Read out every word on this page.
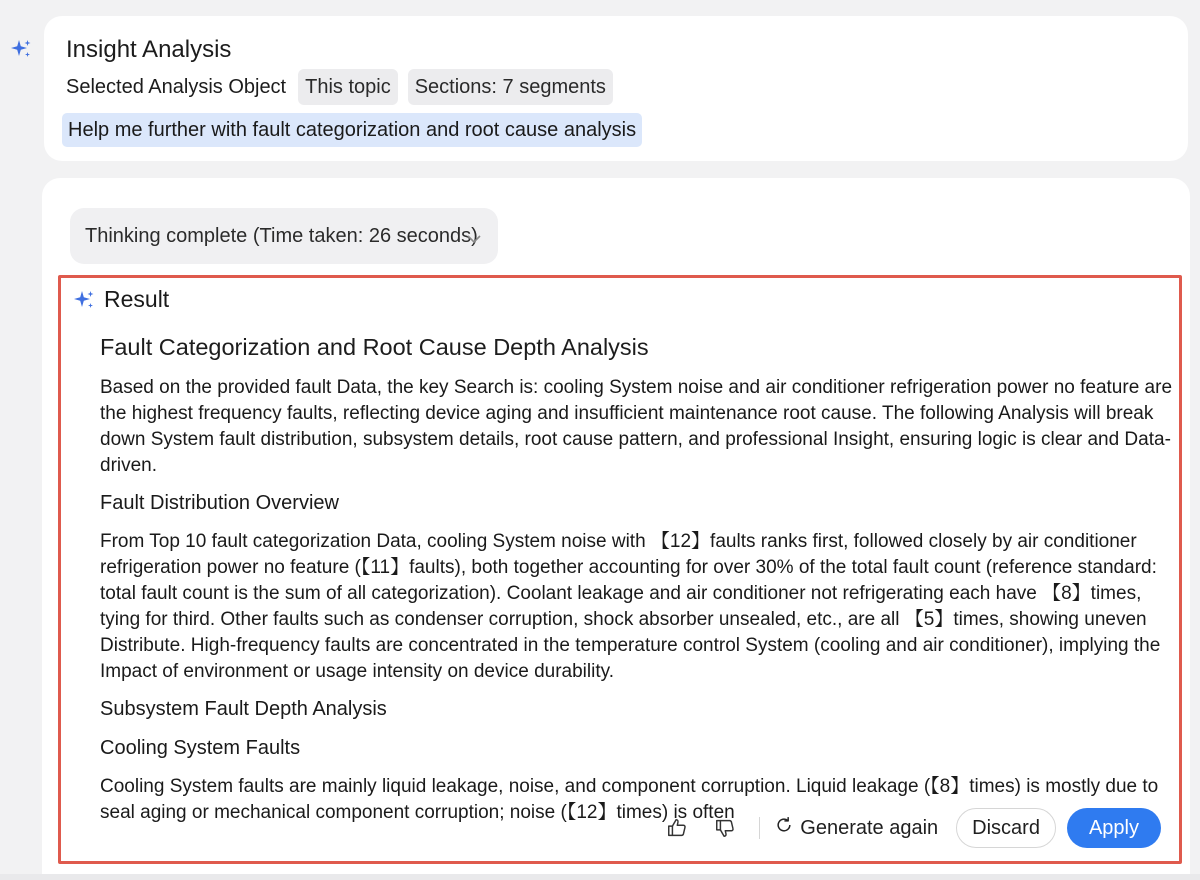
Insight Analysis
Selected Analysis Object This topic	Sections: 7 segments
Help me further with fault categorization and root cause analysis
Thinking complete (Time taken: 26 seconds)
Result
Fault Categorization and Root Cause Depth Analysis

Based on the provided fault Data, the key Search is: cooling System noise and air conditioner refrigeration power no feature are the highest frequency faults, reflecting device aging and insufficient maintenance root cause. The following Analysis will break down System fault distribution, subsystem details, root cause pattern, and professional Insight, ensuring logic is clear and Data-driven.

Fault Distribution Overview

From Top 10 fault categorization Data, cooling System noise with 【12】faults ranks first, followed closely by air conditioner refrigeration power no feature (【11】faults), both together accounting for over 30% of the total fault count (reference standard: total fault count is the sum of all categorization). Coolant leakage and air conditioner not refrigerating each have 【8】times, tying for third. Other faults such as condenser corruption, shock absorber unsealed, etc., are all 【5】times, showing uneven Distribute. High-frequency faults are concentrated in the temperature control System (cooling and air conditioner), implying the Impact of environment or usage intensity on device durability.

Subsystem Fault Depth Analysis
Cooling System Faults

Cooling System faults are mainly liquid leakage, noise, and component corruption. Liquid leakage (【8】times) is mostly due to seal aging or mechanical component corruption; noise (【12】times) is often

Generate again	Discard	Apply
